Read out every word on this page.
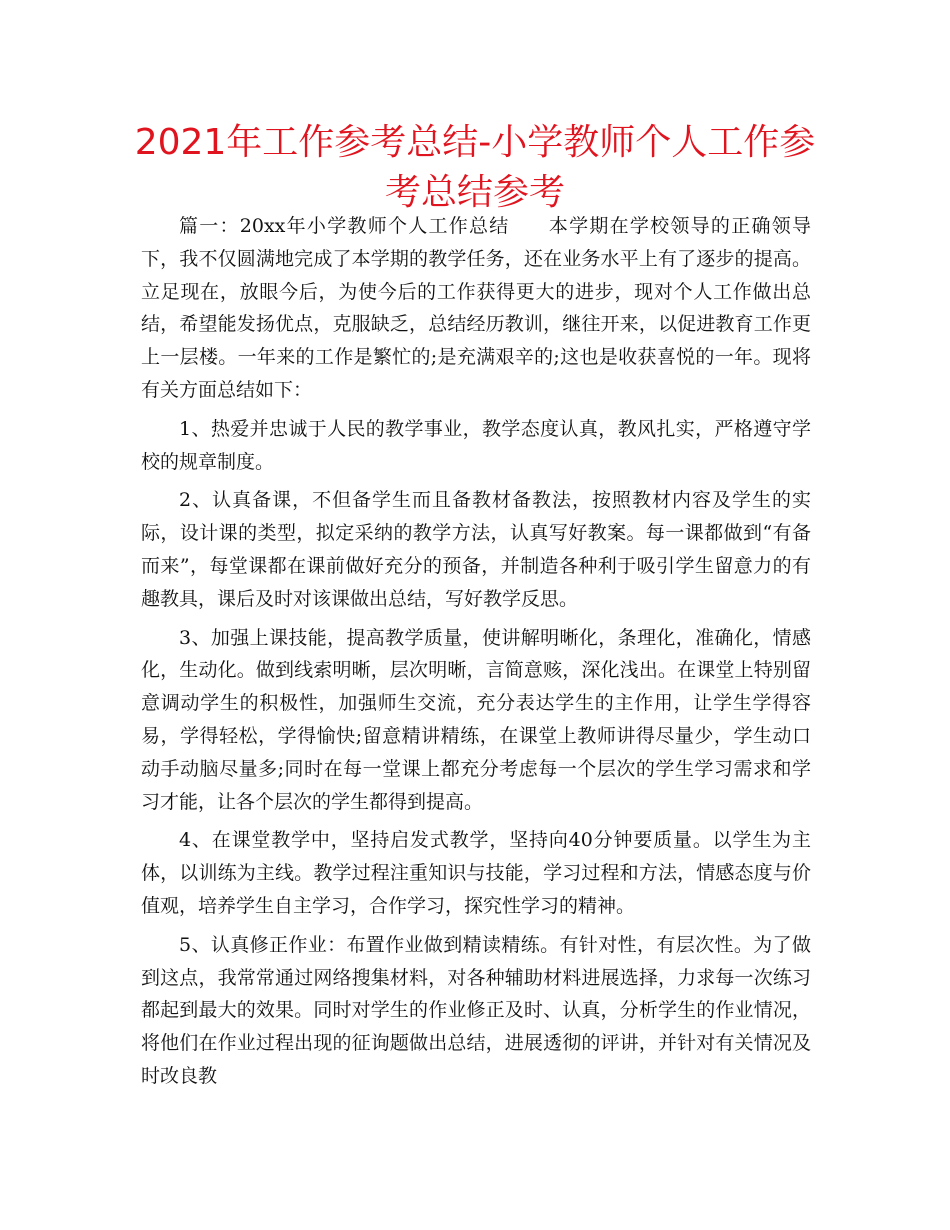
2021年工作参考总结-小学教师个人工作参考总结参考

篇一：20xx年小学教师个人工作总结 本学期在学校领导的正确领导下，我不仅圆满地完成了本学期的教学任务，还在业务水平上有了逐步的提高。立足现在，放眼今后，为使今后的工作获得更大的进步，现对个人工作做出总结，希望能发扬优点，克服缺乏，总结经历教训，继往开来，以促进教育工作更上一层楼。一年来的工作是繁忙的;是充满艰辛的;这也是收获喜悦的一年。现将有关方面总结如下：

1、热爱并忠诚于人民的教学事业，教学态度认真，教风扎实，严格遵守学校的规章制度。

2、认真备课，不但备学生而且备教材备教法，按照教材内容及学生的实际，设计课的类型，拟定采纳的教学方法，认真写好教案。每一课都做到“有备而来”，每堂课都在课前做好充分的预备，并制造各种利于吸引学生留意力的有趣教具，课后及时对该课做出总结，写好教学反思。

3、加强上课技能，提高教学质量，使讲解明晰化，条理化，准确化，情感化，生动化。做到线索明晰，层次明晰，言简意赅，深化浅出。在课堂上特别留意调动学生的积极性，加强师生交流，充分表达学生的主作用，让学生学得容易，学得轻松，学得愉快;留意精讲精练，在课堂上教师讲得尽量少，学生动口动手动脑尽量多;同时在每一堂课上都充分考虑每一个层次的学生学习需求和学习才能，让各个层次的学生都得到提高。

4、在课堂教学中，坚持启发式教学，坚持向40分钟要质量。以学生为主体，以训练为主线。教学过程注重知识与技能，学习过程和方法，情感态度与价值观，培养学生自主学习，合作学习，探究性学习的精神。

5、认真修正作业：布置作业做到精读精练。有针对性，有层次性。为了做到这点，我常常通过网络搜集材料，对各种辅助材料进展选择，力求每一次练习都起到最大的效果。同时对学生的作业修正及时、认真，分析学生的作业情况，将他们在作业过程出现的征询题做出总结，进展透彻的评讲，并针对有关情况及时改良教
